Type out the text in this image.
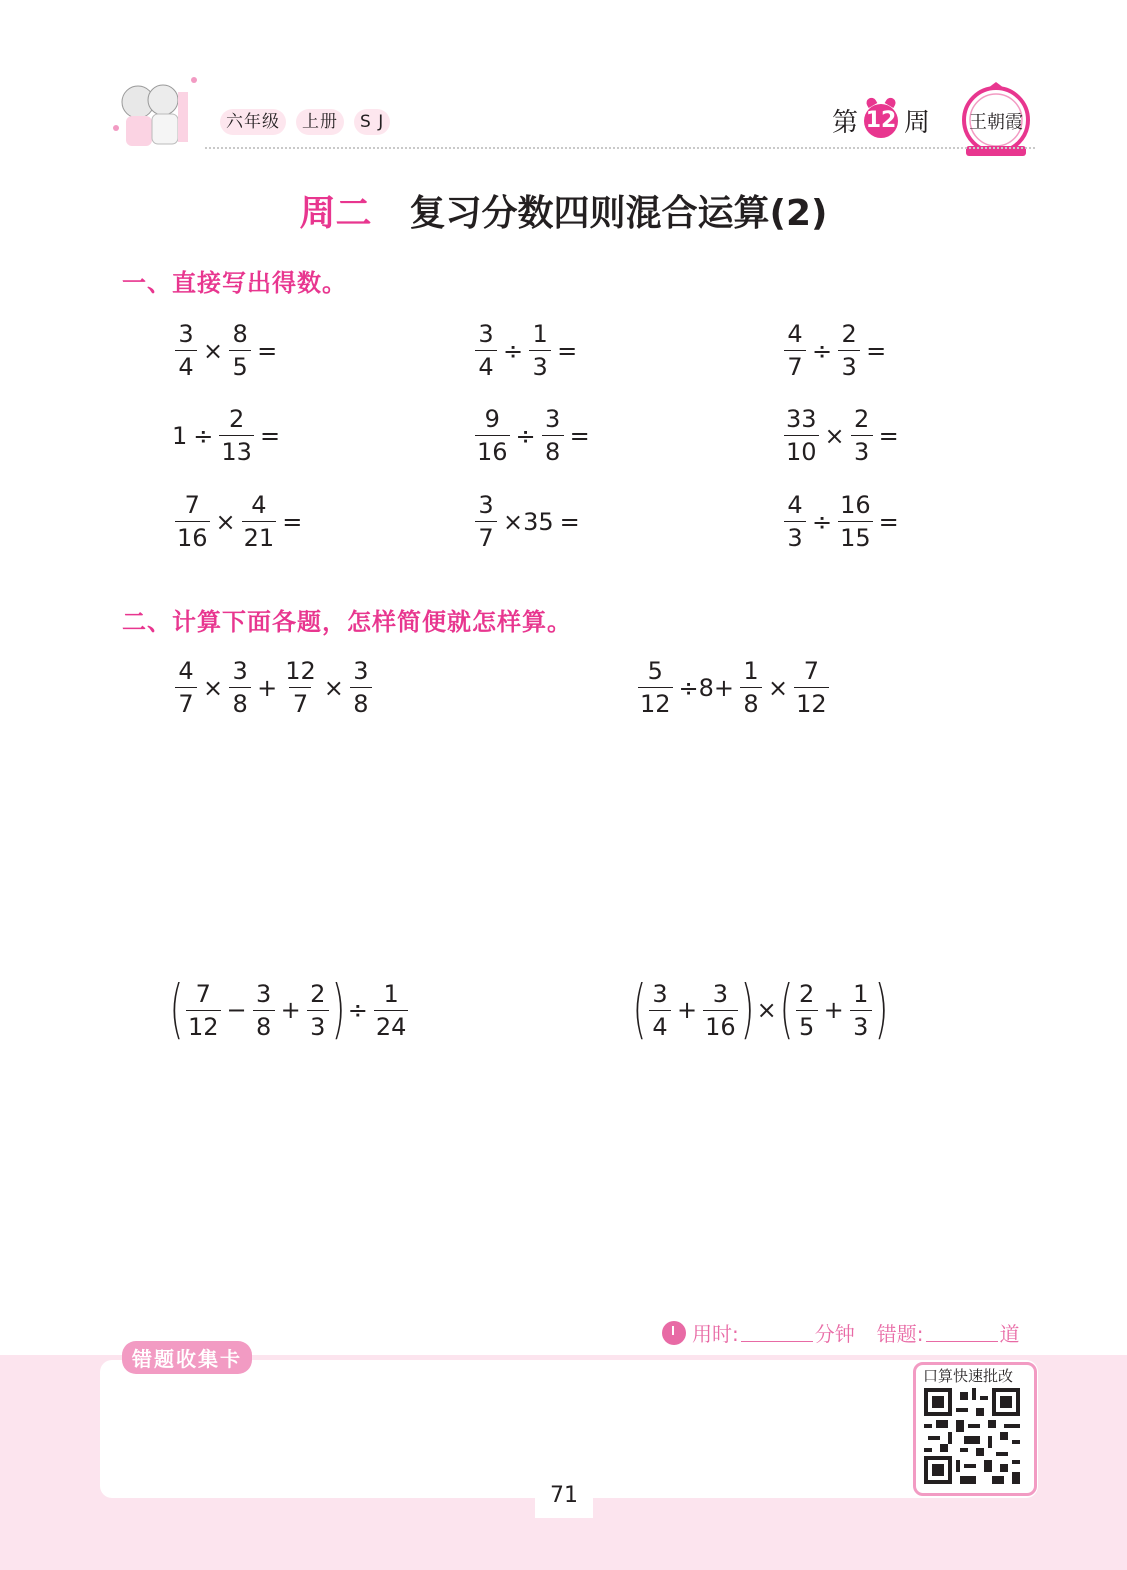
六年级	上册	S J	第 12 周 王朝霞
周二 复习分数四则混合运算(2)
一、直接写出得数。
$\frac{3}{4} \times \frac{8}{5}$ =	$\frac{3}{4} \div \frac{1}{3}$ =	$\frac{4}{7} \div \frac{2}{3}$ =
$1 \div \frac{2}{13}$ =	$\frac{9}{16} \div \frac{3}{8}$ =	$\frac{33}{10} \times \frac{2}{3}$ =
$\frac{7}{16} \times \frac{4}{21}$ =	$\frac{3}{7} \times 35$ =	$\frac{4}{3} \div \frac{16}{15}$ =
二、计算下面各题，怎样简便就怎样算。
$\frac{4}{7} \times \frac{3}{8} + \frac{12}{7} \times \frac{3}{8}$	$\frac{5}{12} \div 8+ \frac{1}{8} \times \frac{7}{12}$
( $\frac{7}{12} - \frac{3}{8} + \frac{2}{3}$ ) ÷ $\frac{1}{24}$	( $\frac{3}{4} + \frac{3}{16}$ ) × ( $\frac{2}{5} + \frac{1}{3}$ )
用时:	分钟 错题:	道
错题收集卡
口算快速批改
71
